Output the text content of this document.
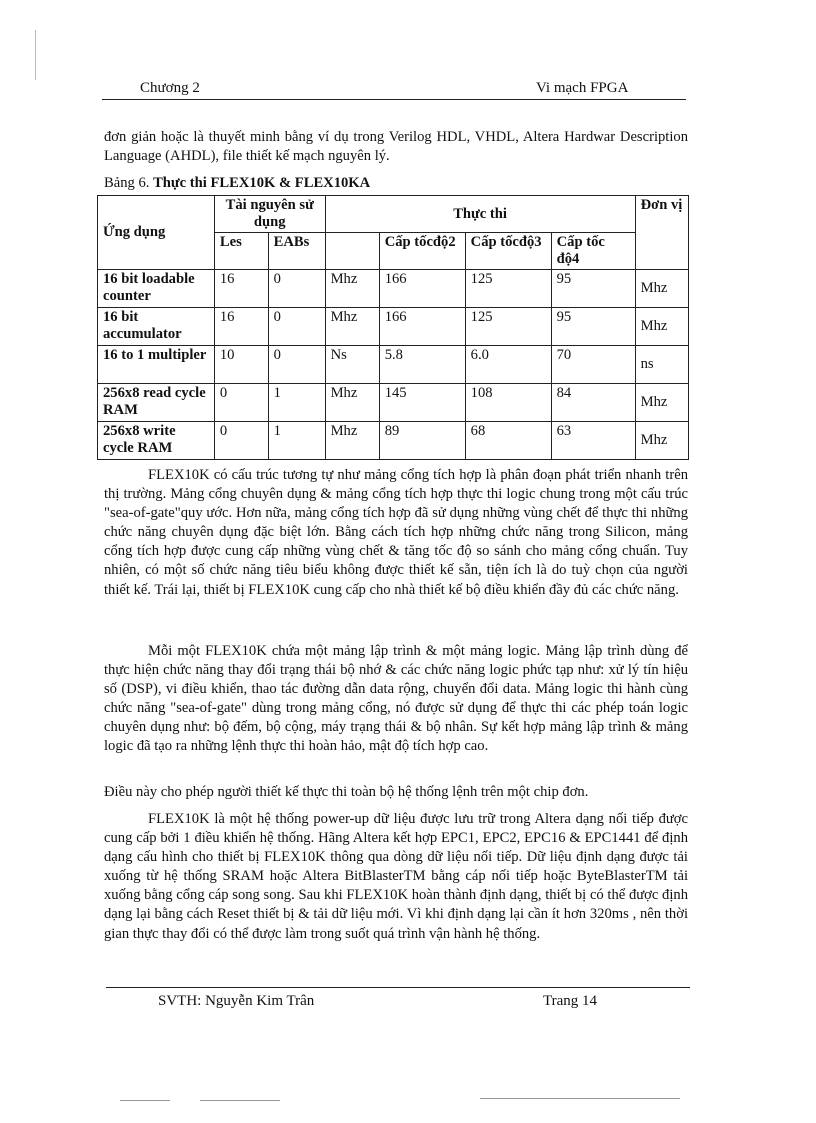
Chương 2	Vi mạch FPGA

đơn giản hoặc là thuyết minh bằng ví dụ trong Verilog HDL, VHDL, Altera Hardwar Description Language (AHDL), file thiết kế mạch nguyên lý.

Bảng 6. Thực thi FLEX10K & FLEX10KA
Ứng dụng	Tài nguyên sử dụng		Thực thi				Đơn vị
	Les	EABs		Cấp tốcđộ2	Cấp tốcđộ3	Cấp tốc độ4	
16 bit loadable counter	16	0	Mhz	166	125	95	Mhz
16 bit accumulator	16	0	Mhz	166	125	95	Mhz
16 to 1 multipler	10	0	Ns	5.8	6.0	70	ns
256x8 read cycle RAM	0	1	Mhz	145	108	84	Mhz
256x8 write cycle RAM	0	1	Mhz	89	68	63	Mhz

FLEX10K có cấu trúc tương tự như mảng cổng tích hợp là phân đoạn phát triển nhanh trên thị trường. Mảng cổng chuyên dụng & mảng cổng tích hợp thực thi logic chung trong một cấu trúc "sea-of-gate"quy ước. Hơn nữa, mảng cổng tích hợp đã sử dụng những vùng chết để thực thi những chức năng chuyên dụng đặc biệt lớn. Bằng cách tích hợp những chức năng trong Silicon, mảng cổng tích hợp được cung cấp những vùng chết & tăng tốc độ so sánh cho mảng cổng chuẩn. Tuy nhiên, có một số chức năng tiêu biểu không được thiết kế sẵn, tiện ích là do tuỳ chọn của người thiết kế. Trái lại, thiết bị FLEX10K cung cấp cho nhà thiết kế bộ điều khiển đầy đủ các chức năng.

Mỗi một FLEX10K chứa một mảng lập trình & một mảng logic. Mảng lập trình dùng để thực hiện chức năng thay đổi trạng thái bộ nhớ & các chức năng logic phức tạp như: xử lý tín hiệu số (DSP), vi điều khiển, thao tác đường dẫn data rộng, chuyển đổi data. Mảng logic thi hành cùng chức năng "sea-of-gate" dùng trong mảng cổng, nó được sử dụng để thực thi các phép toán logic chuyên dụng như: bộ đếm, bộ cộng, máy trạng thái & bộ nhân. Sự kết hợp mảng lập trình & mảng logic đã tạo ra những lệnh thực thi hoàn hảo, mật độ tích hợp cao.

Điều này cho phép người thiết kế thực thi toàn bộ hệ thống lệnh trên một chip đơn.

FLEX10K là một hệ thống power-up dữ liệu được lưu trữ trong Altera dạng nối tiếp được cung cấp bởi 1 điều khiển hệ thống. Hãng Altera kết hợp EPC1, EPC2, EPC16 & EPC1441 để định dạng cấu hình cho thiết bị FLEX10K thông qua dòng dữ liệu nối tiếp. Dữ liệu định dạng được tải xuống từ hệ thống SRAM hoặc Altera BitBlasterTM bằng cáp nối tiếp hoặc ByteBlasterTM tải xuống bằng cổng cáp song song. Sau khi FLEX10K hoàn thành định dạng, thiết bị có thể được định dạng lại bằng cách Reset thiết bị & tải dữ liệu mới. Vì khi định dạng lại cần ít hơn 320ms , nên thời gian thực thay đổi có thể được làm trong suốt quá trình vận hành hệ thống.

SVTH: Nguyễn Kim Trân	Trang 14
